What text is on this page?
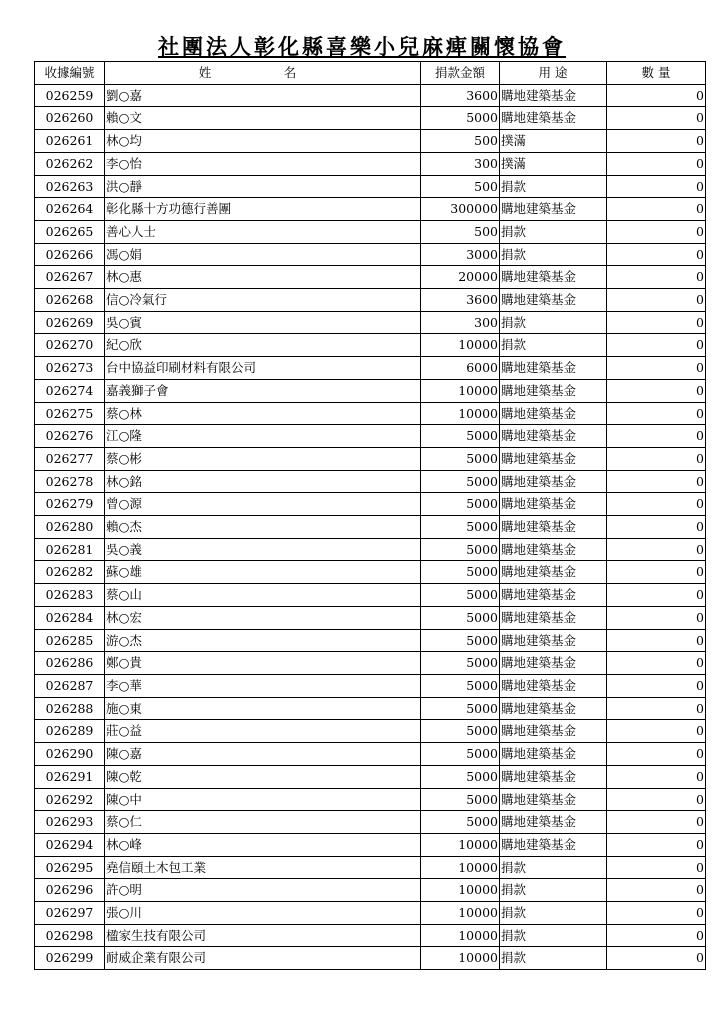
社團法人彰化縣喜樂小兒麻痺關懷協會
收據編號	姓　名	捐款金額	用 途	數 量
026259	劉○嘉	3600	購地建築基金	0
026260	賴○文	5000	購地建築基金	0
026261	林○均	500	撲滿	0
026262	李○怡	300	撲滿	0
026263	洪○靜	500	捐款	0
026264	彰化縣十方功德行善團	300000	購地建築基金	0
026265	善心人士	500	捐款	0
026266	馮○娟	3000	捐款	0
026267	林○惠	20000	購地建築基金	0
026268	信○冷氣行	3600	購地建築基金	0
026269	吳○賓	300	捐款	0
026270	紀○欣	10000	捐款	0
026273	台中協益印刷材料有限公司	6000	購地建築基金	0
026274	嘉義獅子會	10000	購地建築基金	0
026275	蔡○林	10000	購地建築基金	0
026276	江○隆	5000	購地建築基金	0
026277	蔡○彬	5000	購地建築基金	0
026278	林○銘	5000	購地建築基金	0
026279	曾○源	5000	購地建築基金	0
026280	賴○杰	5000	購地建築基金	0
026281	吳○義	5000	購地建築基金	0
026282	蘇○雄	5000	購地建築基金	0
026283	蔡○山	5000	購地建築基金	0
026284	林○宏	5000	購地建築基金	0
026285	游○杰	5000	購地建築基金	0
026286	鄭○貴	5000	購地建築基金	0
026287	李○華	5000	購地建築基金	0
026288	施○東	5000	購地建築基金	0
026289	莊○益	5000	購地建築基金	0
026290	陳○嘉	5000	購地建築基金	0
026291	陳○乾	5000	購地建築基金	0
026292	陳○中	5000	購地建築基金	0
026293	蔡○仁	5000	購地建築基金	0
026294	林○峰	10000	購地建築基金	0
026295	堯信頤土木包工業	10000	捐款	0
026296	許○明	10000	捐款	0
026297	張○川	10000	捐款	0
026298	楹家生技有限公司	10000	捐款	0
026299	耐威企業有限公司	10000	捐款	0
